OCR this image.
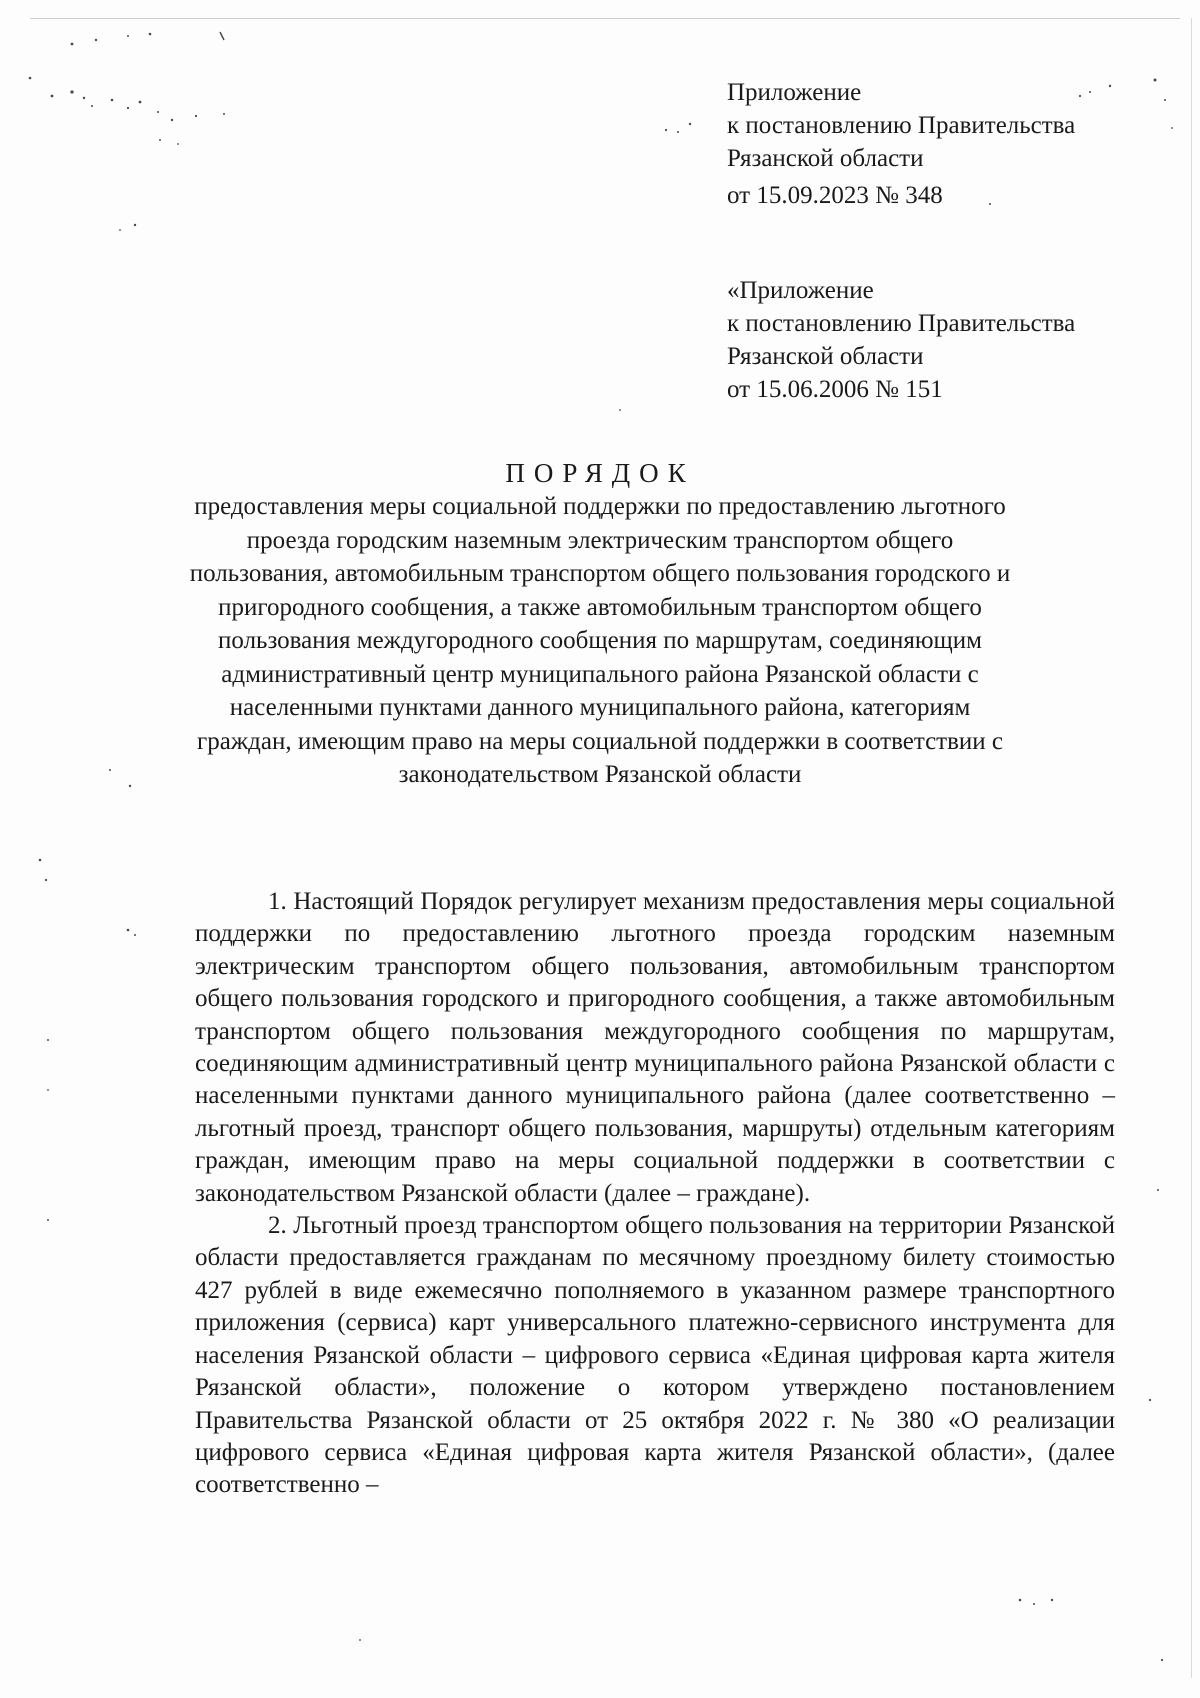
Приложение
к постановлению Правительства
Рязанской области
от 15.09.2023 № 348
«Приложение
к постановлению Правительства
Рязанской области
от 15.06.2006 № 151
ПОРЯДОК
предоставления меры социальной поддержки по предоставлению льготного проезда городским наземным электрическим транспортом общего пользования, автомобильным транспортом общего пользования городского и пригородного сообщения, а также автомобильным транспортом общего пользования междугородного сообщения по маршрутам, соединяющим административный центр муниципального района Рязанской области с населенными пунктами данного муниципального района, категориям граждан, имеющим право на меры социальной поддержки в соответствии с законодательством Рязанской области

1. Настоящий Порядок регулирует механизм предоставления меры социальной поддержки по предоставлению льготного проезда городским наземным электрическим транспортом общего пользования, автомобильным транспортом общего пользования городского и пригородного сообщения, а также автомобильным транспортом общего пользования междугородного сообщения по маршрутам, соединяющим административный центр муниципального района Рязанской области с населенными пунктами данного муниципального района (далее соответственно – льготный проезд, транспорт общего пользования, маршруты) отдельным категориям граждан, имеющим право на меры социальной поддержки в соответствии с законодательством Рязанской области (далее – граждане).

2. Льготный проезд транспортом общего пользования на территории Рязанской области предоставляется гражданам по месячному проездному билету стоимостью 427 рублей в виде ежемесячно пополняемого в указанном размере транспортного приложения (сервиса) карт универсального платежно-сервисного инструмента для населения Рязанской области – цифрового сервиса «Единая цифровая карта жителя Рязанской области», положение о котором утверждено постановлением Правительства Рязанской области от 25 октября 2022 г. № 380 «О реализации цифрового сервиса «Единая цифровая карта жителя Рязанской области», (далее соответственно –
